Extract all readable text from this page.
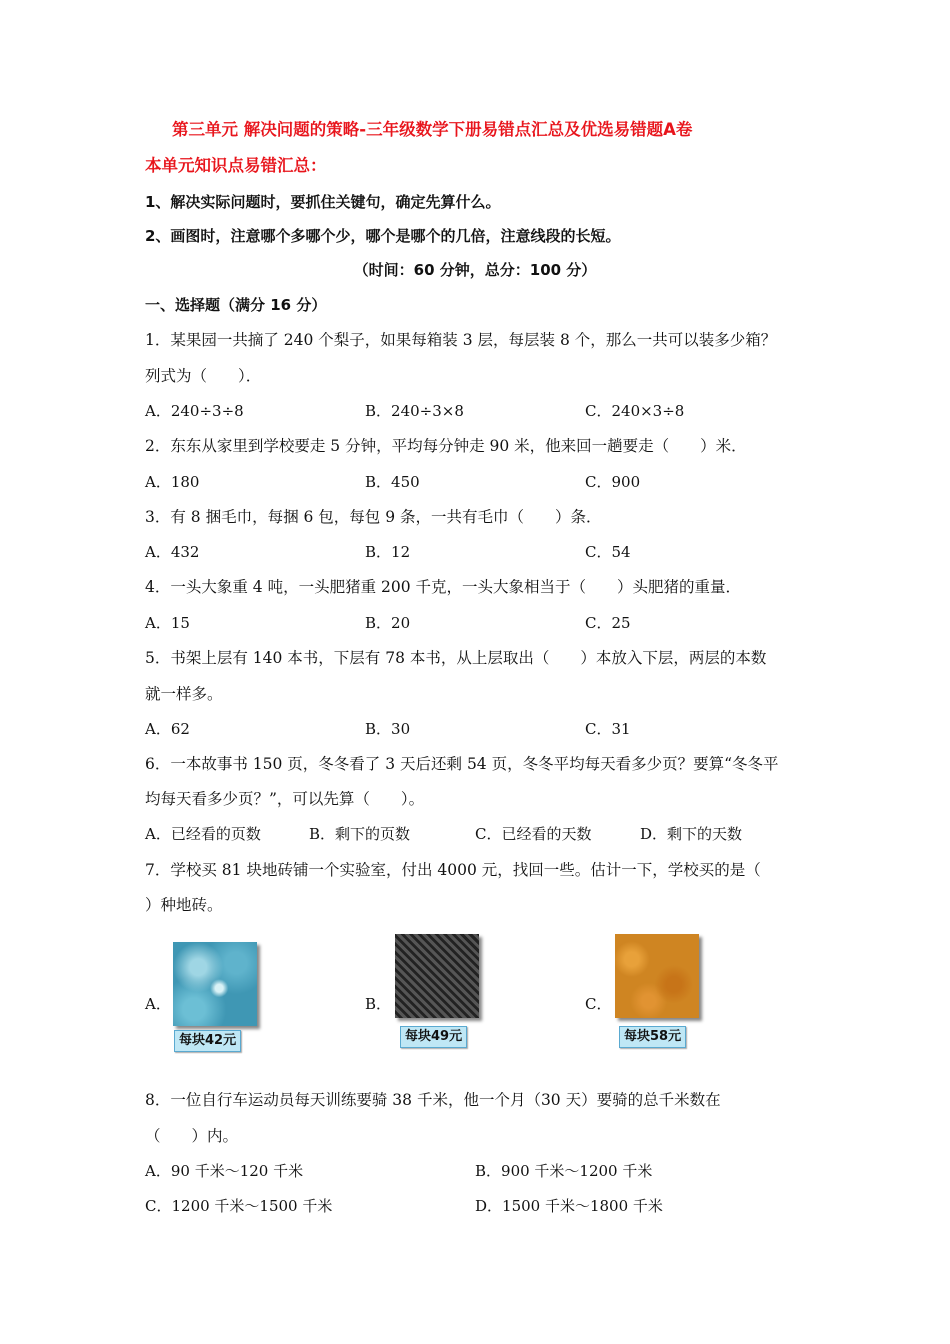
第三单元 解决问题的策略-三年级数学下册易错点汇总及优选易错题A卷
本单元知识点易错汇总：
1、解决实际问题时，要抓住关键句，确定先算什么。
2、画图时，注意哪个多哪个少，哪个是哪个的几倍，注意线段的长短。
（时间：60 分钟，总分：100 分）
一、选择题（满分 16 分）
1．某果园一共摘了 240 个梨子，如果每箱装 3 层，每层装 8 个，那么一共可以装多少箱？
列式为（　　）．
A．240÷3÷8	B．240÷3×8	C．240×3÷8
2．东东从家里到学校要走 5 分钟，平均每分钟走 90 米，他来回一趟要走（　　）米．
A．180	B．450	C．900
3．有 8 捆毛巾，每捆 6 包，每包 9 条，一共有毛巾（　　）条．
A．432	B．12	C．54
4．一头大象重 4 吨，一头肥猪重 200 千克，一头大象相当于（　　）头肥猪的重量．
A．15	B．20	C．25
5．书架上层有 140 本书，下层有 78 本书，从上层取出（　　）本放入下层，两层的本数
就一样多。
A．62	B．30	C．31
6．一本故事书 150 页，冬冬看了 3 天后还剩 54 页，冬冬平均每天看多少页？要算“冬冬平
均每天看多少页？”，可以先算（　　）。
A．已经看的页数	B．剩下的页数	C．已经看的天数	D．剩下的天数
7．学校买 81 块地砖铺一个实验室，付出 4000 元，找回一些。估计一下，学校买的是（
）种地砖。
A．
每块42元
B．
每块49元
C．
每块58元
8．一位自行车运动员每天训练要骑 38 千米，他一个月（30 天）要骑的总千米数在
（　　）内。
A．90 千米～120 千米	B．900 千米～1200 千米
C．1200 千米～1500 千米	D．1500 千米～1800 千米
